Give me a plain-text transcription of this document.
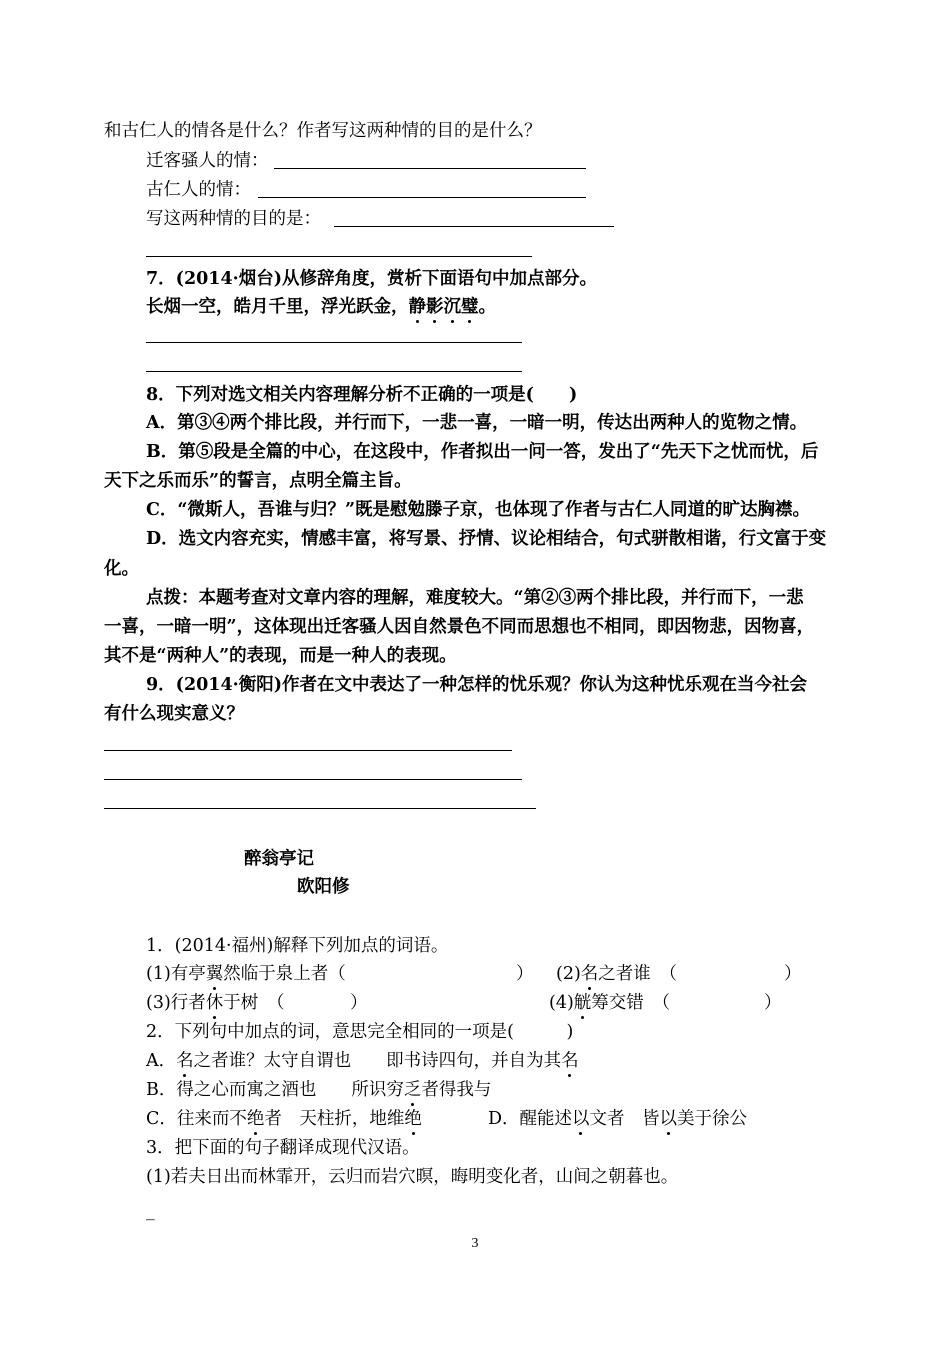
和古仁人的情各是什么？作者写这两种情的目的是什么？
迁客骚人的情：
古仁人的情：
写这两种情的目的是：
7．(2014·烟台)从修辞角度，赏析下面语句中加点部分。
长烟一空，皓月千里，浮光跃金，静影沉璧。
8．下列对选文相关内容理解分析不正确的一项是(　　)
A．第③④两个排比段，并行而下，一悲一喜，一暗一明，传达出两种人的览物之情。
B．第⑤段是全篇的中心，在这段中，作者拟出一问一答，发出了“先天下之忧而忧，后
天下之乐而乐”的誓言，点明全篇主旨。
C．“微斯人，吾谁与归？”既是慰勉滕子京，也体现了作者与古仁人同道的旷达胸襟。
D．选文内容充实，情感丰富，将写景、抒情、议论相结合，句式骈散相谐，行文富于变
化。
点拨：本题考查对文章内容的理解，难度较大。“第②③两个排比段，并行而下，一悲
一喜，一暗一明”，这体现出迁客骚人因自然景色不同而思想也不相同，即因物悲，因物喜，
其不是“两种人”的表现，而是一种人的表现。
9．(2014·衡阳)作者在文中表达了一种怎样的忧乐观？你认为这种忧乐观在当今社会
有什么现实意义？
醉翁亭记
欧阳修
1．(2014·福州)解释下列加点的词语。
(1)有亭翼然临于泉上者（	） (2)名之者谁　（	）
(3)行者休于树　（	）	(4)觥筹交错　（	）
2．下列句中加点的词，意思完全相同的一项是(　　　)
A．名之者谁？太守自谓也　　即书诗四句，并自为其名
B．得之心而寓之酒也　　所识穷乏者得我与
C．往来而不绝者　天柱折，地维绝	D．醒能述以文者　皆以美于徐公
3．把下面的句子翻译成现代汉语。
(1)若夫日出而林霏开，云归而岩穴暝，晦明变化者，山间之朝暮也。
_
3
